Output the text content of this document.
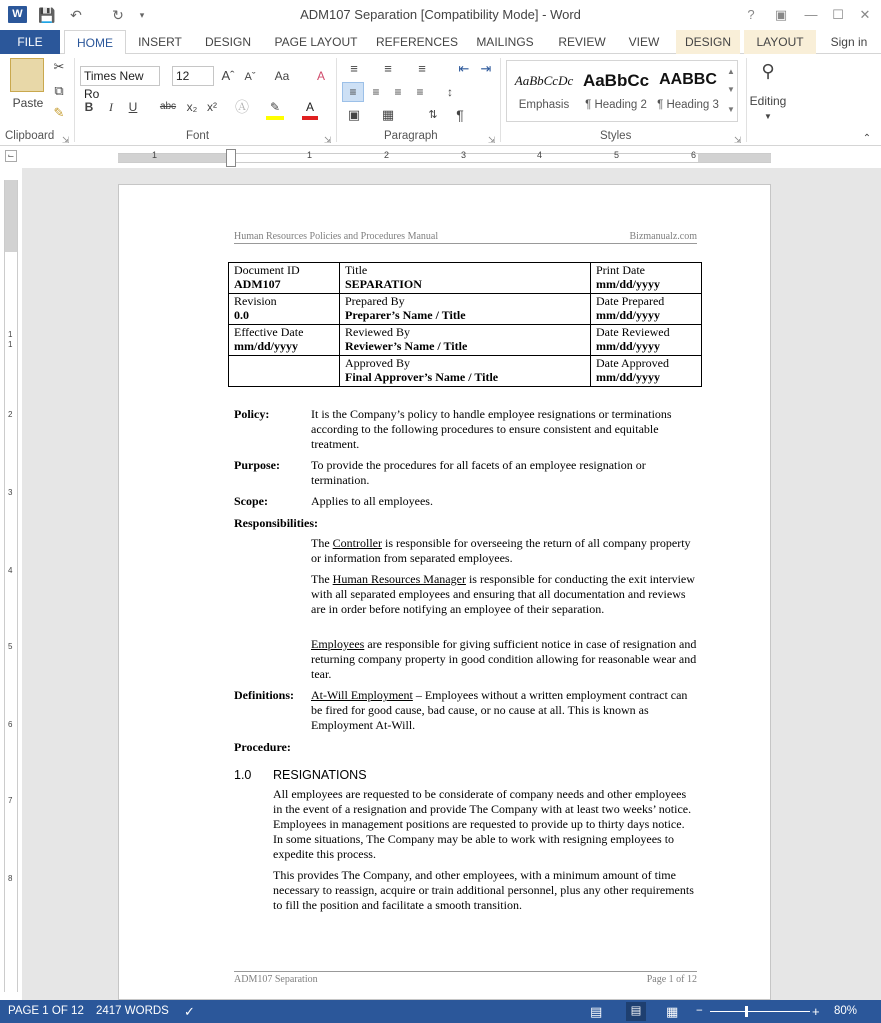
W	💾 ↶ ↻	▾	ADM107 Separation [Compatibility Mode] - Word	?	▣	—	☐	✕
FILE	HOME	INSERT	DESIGN	PAGE LAYOUT	REFERENCES	MAILINGS	REVIEW	VIEW	DESIGN	LAYOUT	Sign in
Paste
✂
⧉
✎
Clipboard ⇲
Times New Ro
12	Aˆ Aˇ	Aa	A
B	I	U abc x₂ x² Ⓐ	✎	A
Font	⇲
≡	≡	≡	⇤ ⇥
≡	≡	≡	≡	↕
▣ ▦	⇅	¶
Paragraph	⇲
AaBbCcDc
Emphasis
AaBbCc
¶ Heading 2
AABBC
¶ Heading 3
▲
▼
▼
Styles	⇲
⚲
Editing
▼
⌃
⌙	1	1	2	3	4	5	6
1
1
2
3
4
5
6
7
8
Human Resources Policies and Procedures Manual	Bizmanualz.com
Document ID
ADM107	Title
SEPARATION	Print Date
mm/dd/yyyy
Revision
0.0	Prepared By
Preparer’s Name / Title	Date Prepared
mm/dd/yyyy
Effective Date
mm/dd/yyyy	Reviewed By
Reviewer’s Name / Title	Date Reviewed
mm/dd/yyyy
	Approved By
Final Approver’s Name / Title	Date Approved
mm/dd/yyyy
Policy:	It is the Company’s policy to handle employee resignations or terminations according to the following procedures to ensure consistent and equitable treatment.
Purpose:	To provide the procedures for all facets of an employee resignation or termination.
Scope:	Applies to all employees.
Responsibilities:
The Controller is responsible for overseeing the return of all company property or information from separated employees.
The Human Resources Manager is responsible for conducting the exit interview with all separated employees and ensuring that all documentation and reviews are in order before notifying an employee of their separation.
Employees are responsible for giving sufficient notice in case of resignation and returning company property in good condition allowing for reasonable wear and tear.
Definitions: At-Will Employment – Employees without a written employment contract can be fired for good cause, bad cause, or no cause at all. This is known as Employment At-Will.
Procedure:
1.0 RESIGNATIONS
All employees are requested to be considerate of company needs and other employees in the event of a resignation and provide The Company with at least two weeks’ notice. Employees in management positions are requested to provide up to thirty days notice. In some situations, The Company may be able to work with resigning employees to expedite this process.
This provides The Company, and other employees, with a minimum amount of time necessary to reassign, acquire or train additional personnel, plus any other requirements to fill the position and facilitate a smooth transition.
ADM107 Separation	Page 1 of 12
PAGE 1 OF 12 2417 WORDS ✓	▤	▤	▦ −	+ 80%
